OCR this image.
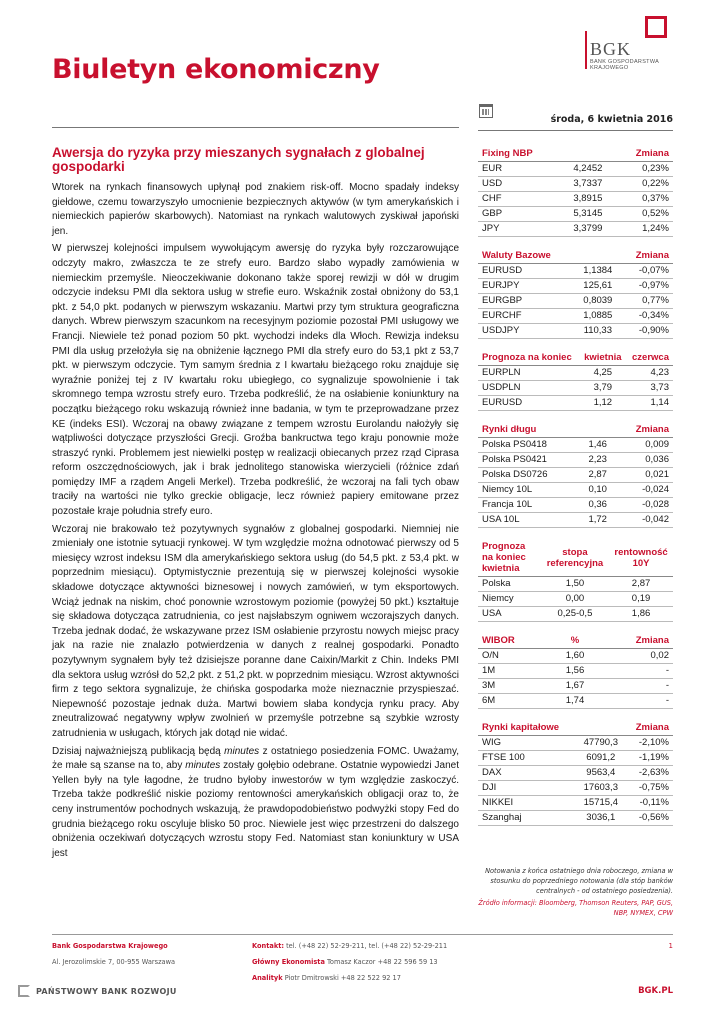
Biuletyn ekonomiczny
BGK
BANK GOSPODARSTWA KRAJOWEGO
środa, 6 kwietnia 2016
Awersja do ryzyka przy mieszanych sygnałach z globalnej gospodarki

Wtorek na rynkach finansowych upłynął pod znakiem risk-off. Mocno spadały indeksy giełdowe, czemu towarzyszyło umocnienie bezpiecznych aktywów (w tym amerykańskich i niemieckich papierów skarbowych). Natomiast na rynkach walutowych zyskiwał japoński jen.

W pierwszej kolejności impulsem wywołującym awersję do ryzyka były rozczarowujące odczyty makro, zwłaszcza te ze strefy euro. Bardzo słabo wypadły zamówienia w niemieckim przemyśle. Nieoczekiwanie dokonano także sporej rewizji w dół w drugim odczycie indeksu PMI dla sektora usług w strefie euro. Wskaźnik został obniżony do 53,1 pkt. z 54,0 pkt. podanych w pierwszym wskazaniu. Martwi przy tym struktura geograficzna danych. Wbrew pierwszym szacunkom na recesyjnym poziomie pozostał PMI usługowy we Francji. Niewiele też ponad poziom 50 pkt. wychodzi indeks dla Włoch. Rewizja indeksu PMI dla usług przełożyła się na obniżenie łącznego PMI dla strefy euro do 53,1 pkt z 53,7 pkt. w pierwszym odczycie. Tym samym średnia z I kwartału bieżącego roku znajduje się wyraźnie poniżej tej z IV kwartału roku ubiegłego, co sygnalizuje spowolnienie i tak skromnego tempa wzrostu strefy euro. Trzeba podkreślić, że na osłabienie koniunktury na początku bieżącego roku wskazują również inne badania, w tym te przeprowadzane przez KE (indeks ESI). Wczoraj na obawy związane z tempem wzrostu Eurolandu nałożyły się wątpliwości dotyczące przyszłości Grecji. Groźba bankructwa tego kraju ponownie może straszyć rynki. Problemem jest niewielki postęp w realizacji obiecanych przez rząd Ciprasa reform oszczędnościowych, jak i brak jednolitego stanowiska wierzycieli (różnice zdań pomiędzy IMF a rządem Angeli Merkel). Trzeba podkreślić, że wczoraj na fali tych obaw traciły na wartości nie tylko greckie obligacje, lecz również papiery emitowane przez pozostałe kraje południa strefy euro.

Wczoraj nie brakowało też pozytywnych sygnałów z globalnej gospodarki. Niemniej nie zmieniały one istotnie sytuacji rynkowej. W tym względzie można odnotować pierwszy od 5 miesięcy wzrost indeksu ISM dla amerykańskiego sektora usług (do 54,5 pkt. z 53,4 pkt. w poprzednim miesiącu). Optymistycznie prezentują się w pierwszej kolejności wysokie składowe dotyczące aktywności biznesowej i nowych zamówień, w tym eksportowych. Wciąż jednak na niskim, choć ponownie wzrostowym poziomie (powyżej 50 pkt.) kształtuje się składowa dotycząca zatrudnienia, co jest najsłabszym ogniwem wczorajszych danych. Trzeba jednak dodać, że wskazywane przez ISM osłabienie przyrostu nowych miejsc pracy jak na razie nie znalazło potwierdzenia w danych z realnej gospodarki. Ponadto pozytywnym sygnałem były też dzisiejsze poranne dane Caixin/Markit z Chin. Indeks PMI dla sektora usług wzrósł do 52,2 pkt. z 51,2 pkt. w poprzednim miesiącu. Wzrost aktywności firm z tego sektora sygnalizuje, że chińska gospodarka może nieznacznie przyspieszać. Niepewność pozostaje jednak duża. Martwi bowiem słaba kondycja rynku pracy. Aby zneutralizować negatywny wpływ zwolnień w przemyśle potrzebne są szybkie wzrosty zatrudnienia w usługach, których jak dotąd nie widać.

Dzisiaj najważniejszą publikacją będą minutes z ostatniego posiedzenia FOMC. Uważamy, że małe są szanse na to, aby minutes zostały gołębio odebrane. Ostatnie wypowiedzi Janet Yellen były na tyle łagodne, że trudno byłoby inwestorów w tym względzie zaskoczyć. Trzeba także podkreślić niskie poziomy rentowności amerykańskich obligacji oraz to, że ceny instrumentów pochodnych wskazują, że prawdopodobieństwo podwyżki stopy Fed do grudnia bieżącego roku oscyluje blisko 50 proc. Niewiele jest więc przestrzeni do dalszego obniżenia oczekiwań dotyczących wzrostu stopy Fed. Natomiast stan koniunktury w USA jest

Fixing NBP		Zmiana
EUR	4,2452	0,23%
USD	3,7337	0,22%
CHF	3,8915	0,37%
GBP	5,3145	0,52%
JPY	3,3799	1,24%
Waluty Bazowe		Zmiana
EURUSD	1,1384	-0,07%
EURJPY	125,61	-0,97%
EURGBP	0,8039	0,77%
EURCHF	1,0885	-0,34%
USDJPY	110,33	-0,90%
Prognoza na koniec	kwietnia	czerwca
EURPLN	4,25	4,23
USDPLN	3,79	3,73
EURUSD	1,12	1,14
Rynki długu		Zmiana
Polska PS0418	1,46	0,009
Polska PS0421	2,23	0,036
Polska DS0726	2,87	0,021
Niemcy 10L	0,10	-0,024
Francja 10L	0,36	-0,028
USA 10L	1,72	-0,042
Prognoza na koniec kwietnia	stopa referencyjna	rentowność 10Y
Polska	1,50	2,87
Niemcy	0,00	0,19
USA	0,25-0,5	1,86
WIBOR	%	Zmiana
O/N	1,60	0,02
1M	1,56	-
3M	1,67	-
6M	1,74	-
Rynki kapitałowe		Zmiana
WIG	47790,3	-2,10%
FTSE 100	6091,2	-1,19%
DAX	9563,4	-2,63%
DJI	17603,3	-0,75%
NIKKEI	15715,4	-0,11%
Szanghaj	3036,1	-0,56%
Notowania z końca ostatniego dnia roboczego, zmiana w stosunku do poprzedniego notowania (dla stóp banków centralnych - od ostatniego posiedzenia).
Źródło informacji: Bloomberg, Thomson Reuters, PAP, GUS, NBP, NYMEX, CPW
Bank Gospodarstwa Krajowego
Al. Jerozolimskie 7, 00-955 Warszawa
Kontakt: tel. (+48 22) 52-29-211, tel. (+48 22) 52-29-211
Główny Ekonomista Tomasz Kaczor +48 22 596 59 13
Analityk Piotr Dmitrowski +48 22 522 92 17
1
PAŃSTWOWY BANK ROZWOJU	BGK.PL
